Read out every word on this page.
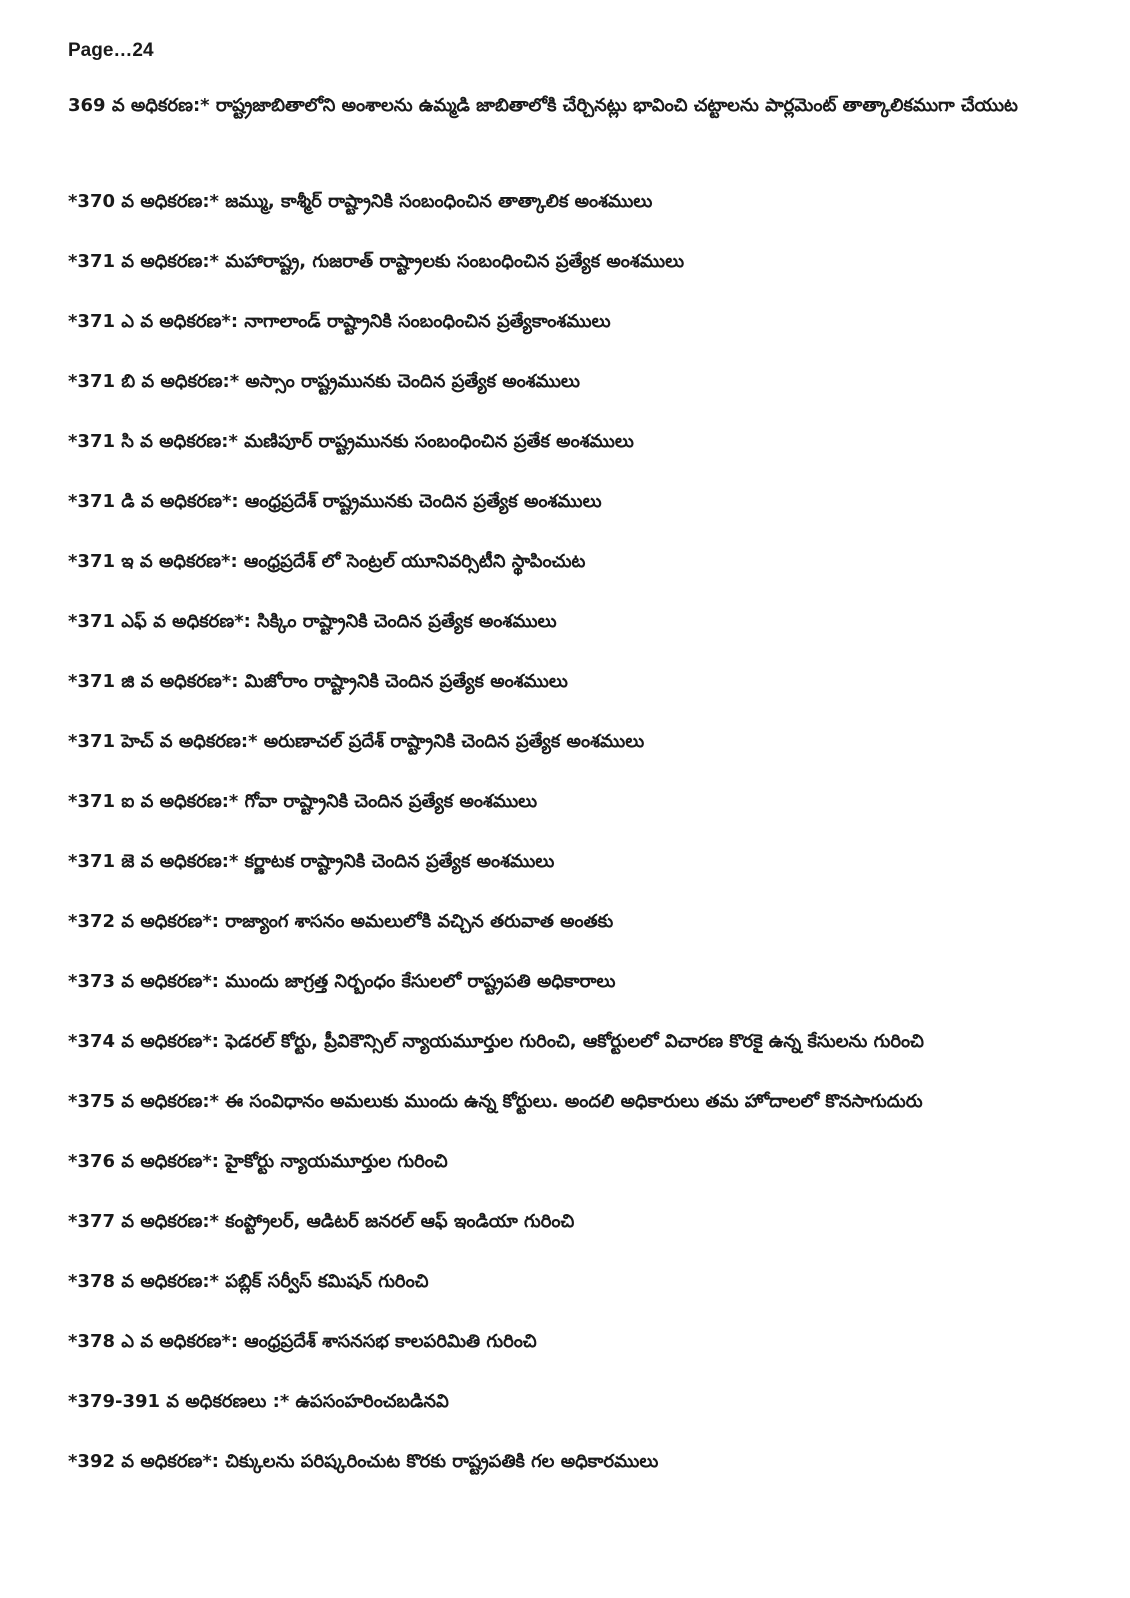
Page…24
369 వ అధికరణ:* రాష్ట్రజాబితాలోని అంశాలను ఉమ్మడి జాబితాలోకి చేర్చినట్లు భావించి చట్టాలను పార్లమెంట్ తాత్కాలికముగా చేయుట
*370 వ అధికరణ:* జమ్ము, కాశ్మీర్ రాష్ట్రానికి సంబంధించిన తాత్కాలిక అంశములు
*371 వ అధికరణ:* మహారాష్ట్ర, గుజరాత్ రాష్ట్రాలకు సంబంధించిన ప్రత్యేక అంశములు
*371 ఎ వ అధికరణ*: నాగాలాండ్ రాష్ట్రానికి సంబంధించిన ప్రత్యేకాంశములు
*371 బి వ అధికరణ:* అస్సాం రాష్ట్రమునకు చెందిన ప్రత్యేక అంశములు
*371 సి వ అధికరణ:* మణిపూర్ రాష్ట్రమునకు సంబంధించిన ప్రతేక అంశములు
*371 డి వ అధికరణ*: ఆంధ్రప్రదేశ్ రాష్ట్రమునకు చెందిన ప్రత్యేక అంశములు
*371 ఇ వ అధికరణ*: ఆంధ్రప్రదేశ్ లో సెంట్రల్ యూనివర్సిటీని స్థాపించుట
*371 ఎఫ్ వ అధికరణ*: సిక్కిం రాష్ట్రానికి చెందిన ప్రత్యేక అంశములు
*371 జి వ అధికరణ*: మిజోరాం రాష్ట్రానికి చెందిన ప్రత్యేక అంశములు
*371 హెచ్ వ అధికరణ:* అరుణాచల్ ప్రదేశ్ రాష్ట్రానికి చెందిన ప్రత్యేక అంశములు
*371 ఐ వ అధికరణ:* గోవా రాష్ట్రానికి చెందిన ప్రత్యేక అంశములు
*371 జె వ అధికరణ:* కర్ణాటక రాష్ట్రానికి చెందిన ప్రత్యేక అంశములు
*372 వ అధికరణ*: రాజ్యాంగ శాసనం అమలులోకి వచ్చిన తరువాత అంతకు
*373 వ అధికరణ*: ముందు జాగ్రత్త నిర్బంధం కేసులలో రాష్ట్రపతి అధికారాలు
*374 వ అధికరణ*: ఫెడరల్ కోర్టు, ప్రీవికౌన్సిల్ న్యాయమూర్తుల గురించి, ఆకోర్టులలో విచారణ కొరకై ఉన్న కేసులను గురించి
*375 వ అధికరణ:* ఈ సంవిధానం అమలుకు ముందు ఉన్న కోర్టులు. అందలి అధికారులు తమ హోదాలలో కొనసాగుదురు
*376 వ అధికరణ*: హైకోర్టు న్యాయమూర్తుల గురించి
*377 వ అధికరణ:* కంప్ట్రోలర్, ఆడిటర్ జనరల్ ఆఫ్ ఇండియా గురించి
*378 వ అధికరణ:* పబ్లిక్ సర్వీస్ కమిషన్ గురించి
*378 ఎ వ అధికరణ*: ఆంధ్రప్రదేశ్ శాసనసభ కాలపరిమితి గురించి
*379-391 వ అధికరణలు :* ఉపసంహరించబడినవి
*392 వ అధికరణ*: చిక్కులను పరిష్కరించుట కొరకు రాష్ట్రపతికి గల అధికారములు
